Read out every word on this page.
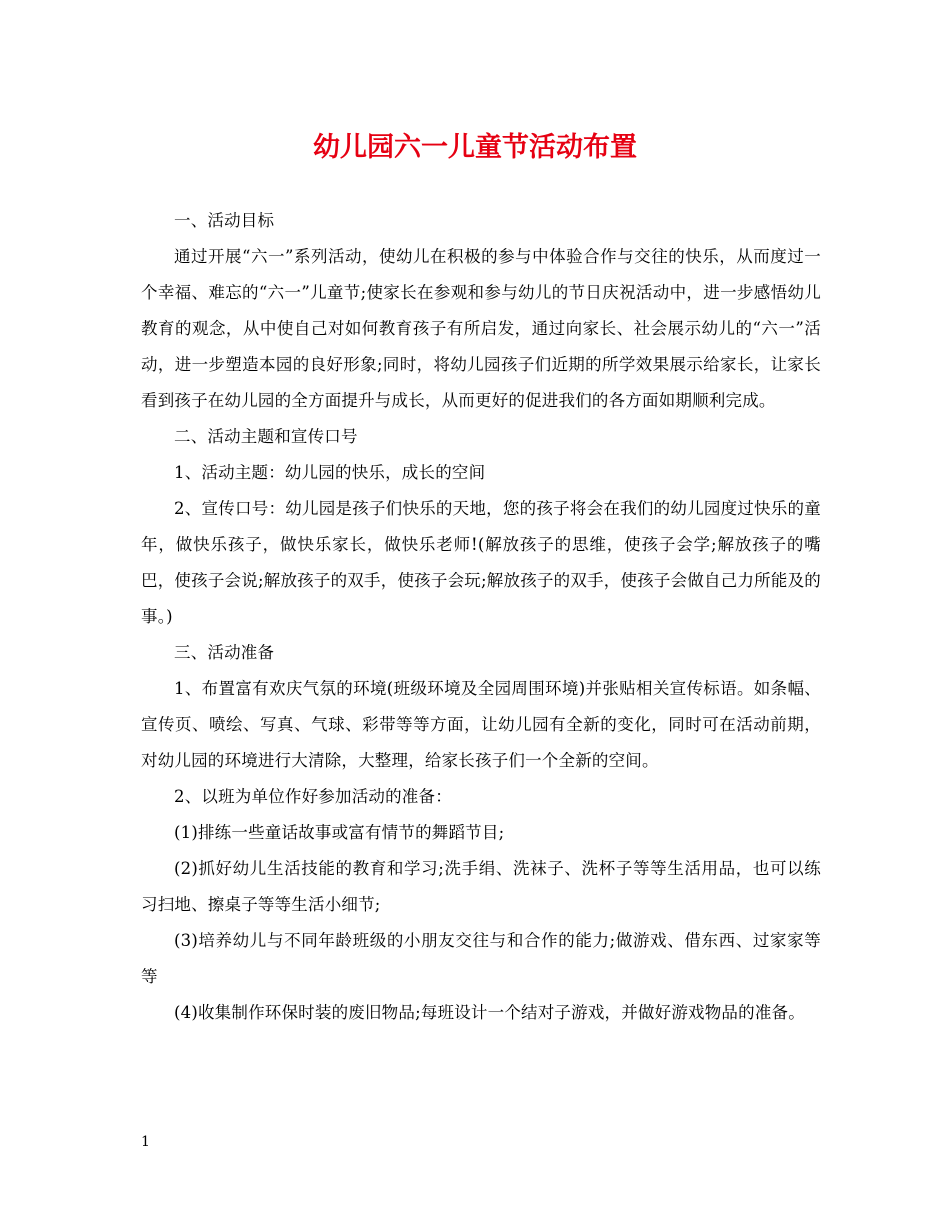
幼儿园六一儿童节活动布置

一、活动目标

通过开展“六一”系列活动，使幼儿在积极的参与中体验合作与交往的快乐，从而度过一个幸福、难忘的“六一”儿童节;使家长在参观和参与幼儿的节日庆祝活动中，进一步感悟幼儿教育的观念，从中使自己对如何教育孩子有所启发，通过向家长、社会展示幼儿的“六一”活动，进一步塑造本园的良好形象;同时，将幼儿园孩子们近期的所学效果展示给家长，让家长看到孩子在幼儿园的全方面提升与成长，从而更好的促进我们的各方面如期顺利完成。

二、活动主题和宣传口号

1、活动主题：幼儿园的快乐，成长的空间

2、宣传口号：幼儿园是孩子们快乐的天地，您的孩子将会在我们的幼儿园度过快乐的童年，做快乐孩子，做快乐家长，做快乐老师!(解放孩子的思维，使孩子会学;解放孩子的嘴巴，使孩子会说;解放孩子的双手，使孩子会玩;解放孩子的双手，使孩子会做自己力所能及的事。)

三、活动准备

1、布置富有欢庆气氛的环境(班级环境及全园周围环境)并张贴相关宣传标语。如条幅、宣传页、喷绘、写真、气球、彩带等等方面，让幼儿园有全新的变化，同时可在活动前期，对幼儿园的环境进行大清除，大整理，给家长孩子们一个全新的空间。

2、以班为单位作好参加活动的准备：

(1)排练一些童话故事或富有情节的舞蹈节目;

(2)抓好幼儿生活技能的教育和学习;洗手绢、洗袜子、洗杯子等等生活用品，也可以练习扫地、擦桌子等等生活小细节;

(3)培养幼儿与不同年龄班级的小朋友交往与和合作的能力;做游戏、借东西、过家家等等

(4)收集制作环保时装的废旧物品;每班设计一个结对子游戏，并做好游戏物品的准备。

1
